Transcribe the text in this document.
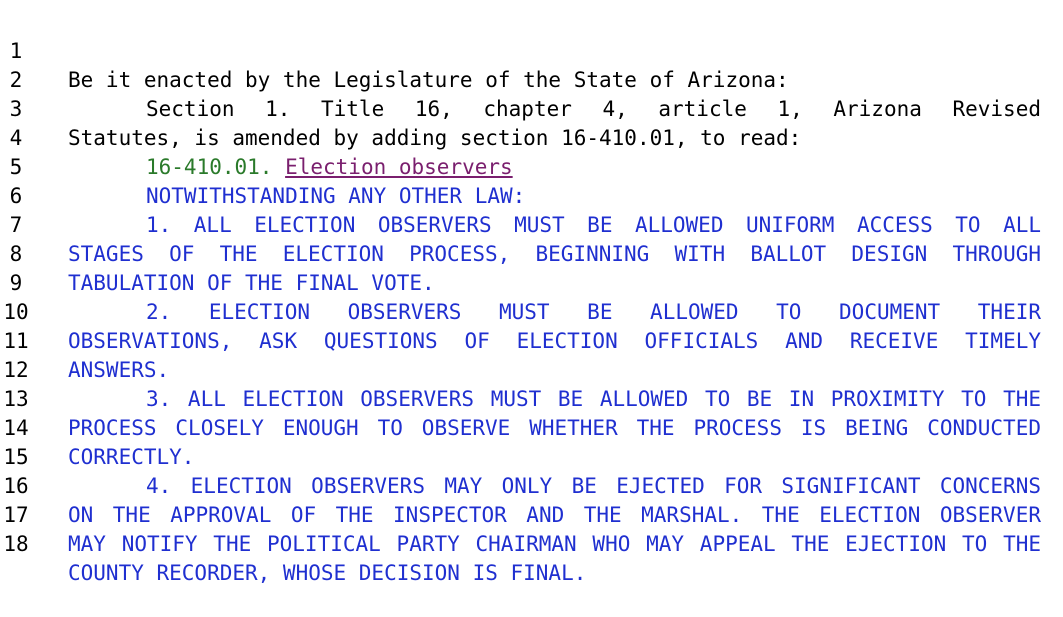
1

Be it enacted by the Legislature of the State of Arizona:

2

Section 1. Title 16, chapter 4, article 1, Arizona Revised

3

Statutes, is amended by adding section 16-410.01, to read:

4

16-410.01. Election observers

5

NOTWITHSTANDING ANY OTHER LAW:

6

1. ALL ELECTION OBSERVERS MUST BE ALLOWED UNIFORM ACCESS TO ALL

7

STAGES OF THE ELECTION PROCESS, BEGINNING WITH BALLOT DESIGN THROUGH

8

TABULATION OF THE FINAL VOTE.

9

2. ELECTION OBSERVERS MUST BE ALLOWED TO DOCUMENT THEIR

10

OBSERVATIONS, ASK QUESTIONS OF ELECTION OFFICIALS AND RECEIVE TIMELY

11

ANSWERS.

12

3. ALL ELECTION OBSERVERS MUST BE ALLOWED TO BE IN PROXIMITY TO THE

13

PROCESS CLOSELY ENOUGH TO OBSERVE WHETHER THE PROCESS IS BEING CONDUCTED

14

CORRECTLY.

15

4. ELECTION OBSERVERS MAY ONLY BE EJECTED FOR SIGNIFICANT CONCERNS

16

ON THE APPROVAL OF THE INSPECTOR AND THE MARSHAL. THE ELECTION OBSERVER

17

MAY NOTIFY THE POLITICAL PARTY CHAIRMAN WHO MAY APPEAL THE EJECTION TO THE

18

COUNTY RECORDER, WHOSE DECISION IS FINAL.
